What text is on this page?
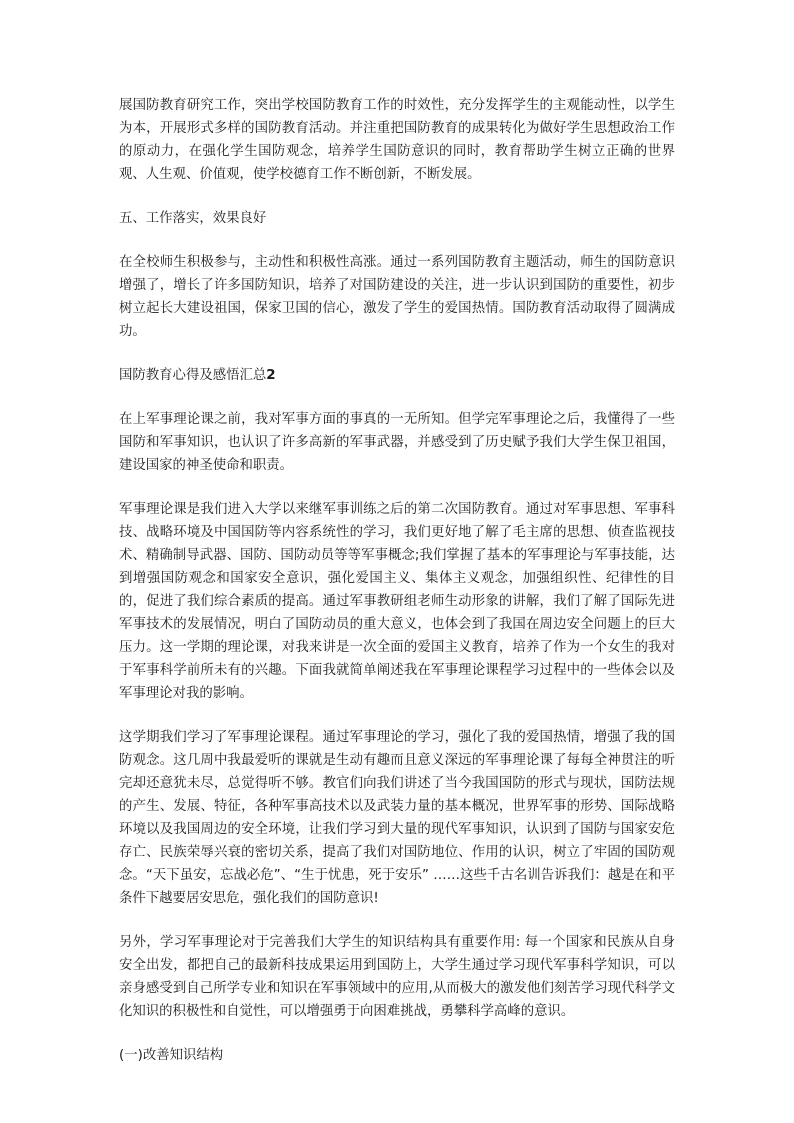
展国防教育研究工作，突出学校国防教育工作的时效性，充分发挥学生的主观能动性，以学生为本，开展形式多样的国防教育活动。并注重把国防教育的成果转化为做好学生思想政治工作的原动力，在强化学生国防观念，培养学生国防意识的同时，教育帮助学生树立正确的世界观、人生观、价值观，使学校德育工作不断创新，不断发展。

五、工作落实，效果良好

在全校师生积极参与，主动性和积极性高涨。通过一系列国防教育主题活动，师生的国防意识增强了，增长了许多国防知识，培养了对国防建设的关注，进一步认识到国防的重要性，初步树立起长大建设祖国，保家卫国的信心，激发了学生的爱国热情。国防教育活动取得了圆满成功。

国防教育心得及感悟汇总2

在上军事理论课之前，我对军事方面的事真的一无所知。但学完军事理论之后，我懂得了一些国防和军事知识，也认识了许多高新的军事武器，并感受到了历史赋予我们大学生保卫祖国，建设国家的神圣使命和职责。

军事理论课是我们进入大学以来继军事训练之后的第二次国防教育。通过对军事思想、军事科技、战略环境及中国国防等内容系统性的学习，我们更好地了解了毛主席的思想、侦查监视技术、精确制导武器、国防、国防动员等等军事概念;我们掌握了基本的军事理论与军事技能，达到增强国防观念和国家安全意识，强化爱国主义、集体主义观念，加强组织性、纪律性的目的，促进了我们综合素质的提高。通过军事教研组老师生动形象的讲解，我们了解了国际先进军事技术的发展情况，明白了国防动员的重大意义，也体会到了我国在周边安全问题上的巨大压力。这一学期的理论课，对我来讲是一次全面的爱国主义教育，培养了作为一个女生的我对于军事科学前所未有的兴趣。下面我就简单阐述我在军事理论课程学习过程中的一些体会以及军事理论对我的影响。

这学期我们学习了军事理论课程。通过军事理论的学习，强化了我的爱国热情，增强了我的国防观念。这几周中我最爱听的课就是生动有趣而且意义深远的军事理论课了每每全神贯注的听完却还意犹未尽，总觉得听不够。教官们向我们讲述了当今我国国防的形式与现状，国防法规的产生、发展、特征，各种军事高技术以及武装力量的基本概况，世界军事的形势、国际战略环境以及我国周边的安全环境，让我们学习到大量的现代军事知识，认识到了国防与国家安危存亡、民族荣辱兴衰的密切关系，提高了我们对国防地位、作用的认识，树立了牢固的国防观念。“天下虽安，忘战必危”、“生于忧患，死于安乐” ……这些千古名训告诉我们：越是在和平条件下越要居安思危，强化我们的国防意识!

另外，学习军事理论对于完善我们大学生的知识结构具有重要作用: 每一个国家和民族从自身安全出发，都把自己的最新科技成果运用到国防上，大学生通过学习现代军事科学知识，可以亲身感受到自己所学专业和知识在军事领域中的应用,从而极大的激发他们刻苦学习现代科学文化知识的积极性和自觉性，可以增强勇于向困难挑战，勇攀科学高峰的意识。

(一)改善知识结构
